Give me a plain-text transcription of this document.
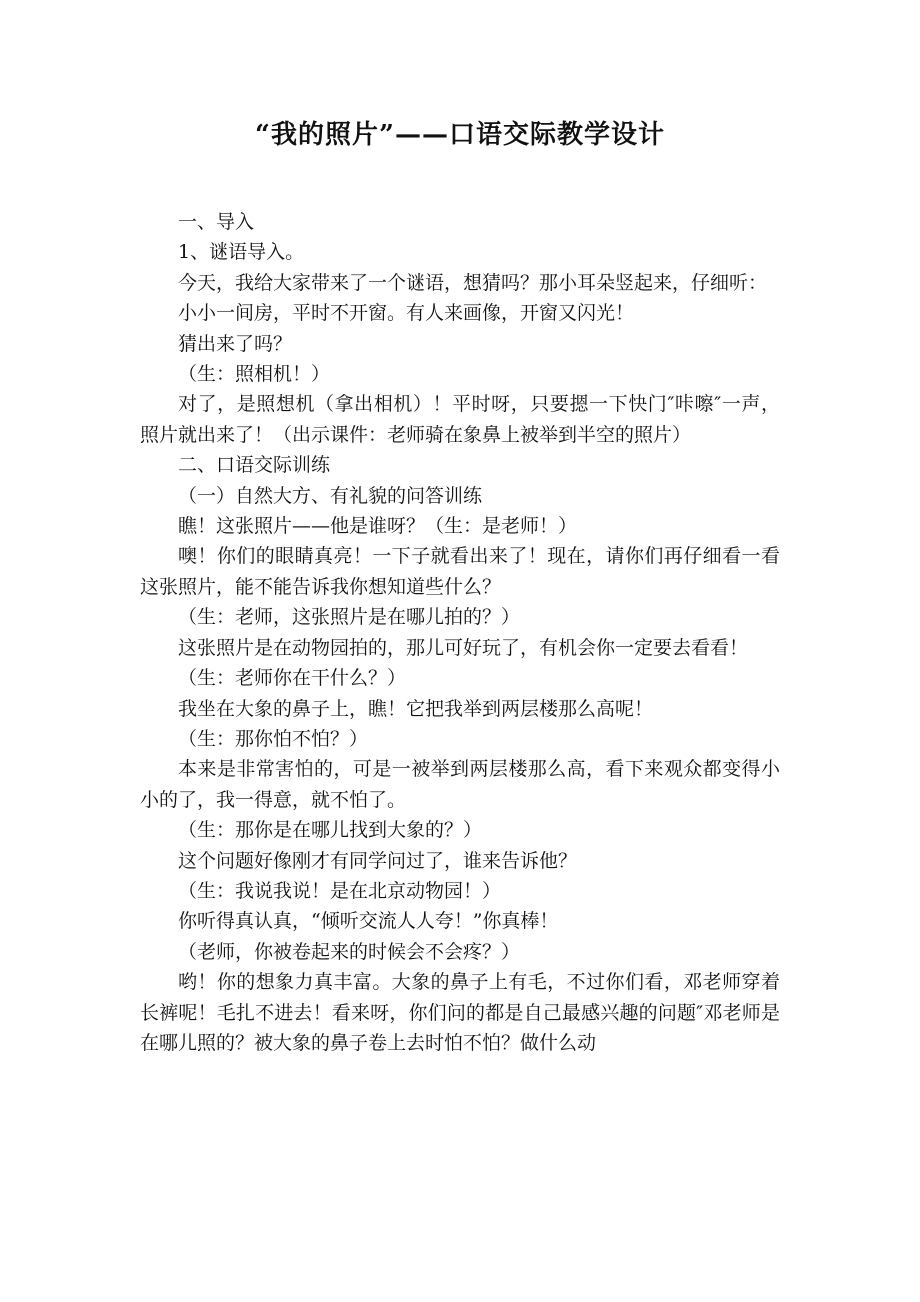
“我的照片”——口语交际教学设计

一、导入

1、谜语导入。

今天，我给大家带来了一个谜语，想猜吗？那小耳朵竖起来，仔细听：

小小一间房，平时不开窗。有人来画像，开窗又闪光！

猜出来了吗？

（生：照相机！）

对了，是照想机（拿出相机）！平时呀，只要摁一下快门″咔嚓″一声，照片就出来了！（出示课件：老师骑在象鼻上被举到半空的照片）

二、口语交际训练

（一）自然大方、有礼貌的问答训练

瞧！这张照片——他是谁呀？（生：是老师！）

噢！你们的眼睛真亮！一下子就看出来了！现在，请你们再仔细看一看这张照片，能不能告诉我你想知道些什么？

（生：老师，这张照片是在哪儿拍的？）

这张照片是在动物园拍的，那儿可好玩了，有机会你一定要去看看！

（生：老师你在干什么？）

我坐在大象的鼻子上，瞧！它把我举到两层楼那么高呢！

（生：那你怕不怕？）

本来是非常害怕的，可是一被举到两层楼那么高，看下来观众都变得小小的了，我一得意，就不怕了。

（生：那你是在哪儿找到大象的？）

这个问题好像刚才有同学问过了，谁来告诉他？

（生：我说我说！是在北京动物园！）

你听得真认真，“倾听交流人人夸！”你真棒！

（老师，你被卷起来的时候会不会疼？）

哟！你的想象力真丰富。大象的鼻子上有毛，不过你们看，邓老师穿着长裤呢！毛扎不进去！看来呀，你们问的都是自己最感兴趣的问题″邓老师是在哪儿照的？被大象的鼻子卷上去时怕不怕？做什么动
